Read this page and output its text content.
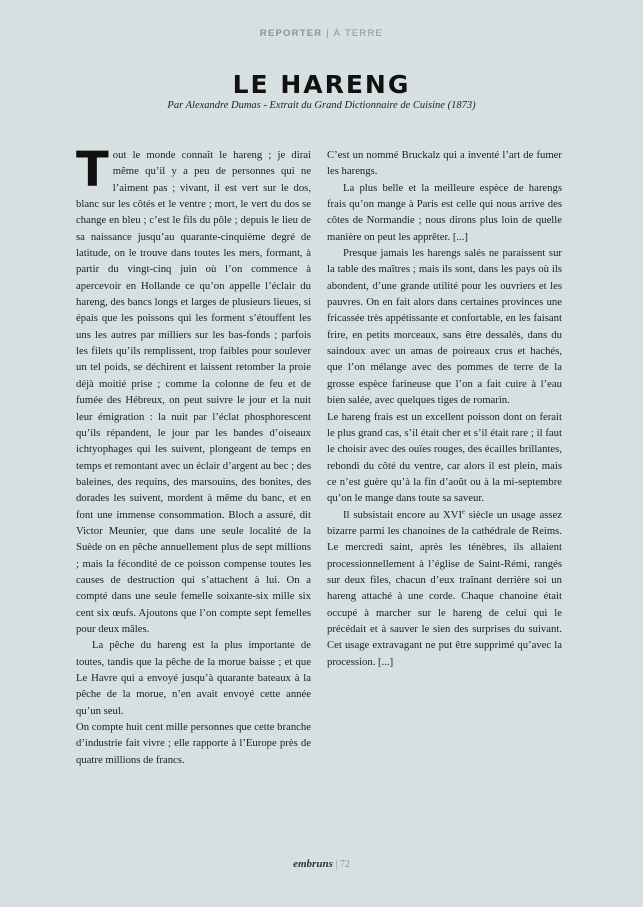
REPORTER | À TERRE
LE HARENG
Par Alexandre Dumas - Extrait du Grand Dictionnaire de Cuisine (1873)

Tout le monde connaît le hareng ; je dirai même qu’il y a peu de personnes qui ne l’aiment pas ; vivant, il est vert sur le dos, blanc sur les côtés et le ventre ; mort, le vert du dos se change en bleu ; c’est le fils du pôle ; depuis le lieu de sa naissance jusqu’au quarante-cinquième degré de latitude, on le trouve dans toutes les mers, formant, à partir du vingt-cinq juin où l’on commence à apercevoir en Hollande ce qu’on appelle l’éclair du hareng, des bancs longs et larges de plusieurs lieues, si épais que les poissons qui les forment s’étouffent les uns les autres par milliers sur les bas-fonds ; parfois les filets qu’ils remplissent, trop faibles pour soulever un tel poids, se déchirent et laissent retomber la proie déjà moitié prise ; comme la colonne de feu et de fumée des Hébreux, on peut suivre le jour et la nuit leur émigration : la nuit par l’éclat phosphorescent qu’ils répandent, le jour par les bandes d’oiseaux ichtyophages qui les suivent, plongeant de temps en temps et remontant avec un éclair d’argent au bec ; des baleines, des requins, des marsouins, des bonites, des dorades les suivent, mordent à même du banc, et en font une immense consommation. Bloch a assuré, dit Victor Meunier, que dans une seule localité de la Suède on en pêche annuellement plus de sept millions ; mais la fécondité de ce poisson compense toutes les causes de destruction qui s’attachent à lui. On a compté dans une seule femelle soixante-six mille six cent six œufs. Ajoutons que l’on compte sept femelles pour deux mâles.

La pêche du hareng est la plus importante de toutes, tandis que la pêche de la morue baisse ; et que Le Havre qui a envoyé jusqu’à quarante bateaux à la pêche de la morue, n’en avait envoyé cette année qu’un seul.

On compte huit cent mille personnes que cette branche d’industrie fait vivre ; elle rapporte à l’Europe près de quatre millions de francs.

C’est un nommé Bruckalz qui a inventé l’art de fumer les harengs.

La plus belle et la meilleure espèce de harengs frais qu’on mange à Paris est celle qui nous arrive des côtes de Normandie ; nous dirons plus loin de quelle manière on peut les apprêter. [...]

Presque jamais les harengs salés ne paraissent sur la table des maîtres ; mais ils sont, dans les pays où ils abondent, d’une grande utilité pour les ouvriers et les pauvres. On en fait alors dans certaines provinces une fricassée très appétissante et confortable, en les faisant frire, en petits morceaux, sans être dessalés, dans du saindoux avec un amas de poireaux crus et hachés, que l’on mélange avec des pommes de terre de la grosse espèce farineuse que l’on a fait cuire à l’eau bien salée, avec quelques tiges de romarin.

Le hareng frais est un excellent poisson dont on ferait le plus grand cas, s’il était cher et s’il était rare ; il faut le choisir avec des ouïes rouges, des écailles brillantes, rebondi du côté du ventre, car alors il est plein, mais ce n’est guère qu’à la fin d’août ou à la mi-septembre qu’on le mange dans toute sa saveur.

Il subsistait encore au XVIe siècle un usage assez bizarre parmi les chanoines de la cathédrale de Reims. Le mercredi saint, après les ténèbres, ils allaient processionnellement à l’église de Saint-Rémi, rangés sur deux files, chacun d’eux traînant derrière soi un hareng attaché à une corde. Chaque chanoine était occupé à marcher sur le hareng de celui qui le précédait et à sauver le sien des surprises du suivant. Cet usage extravagant ne put être supprimé qu’avec la procession. [...]

embruns | 72
